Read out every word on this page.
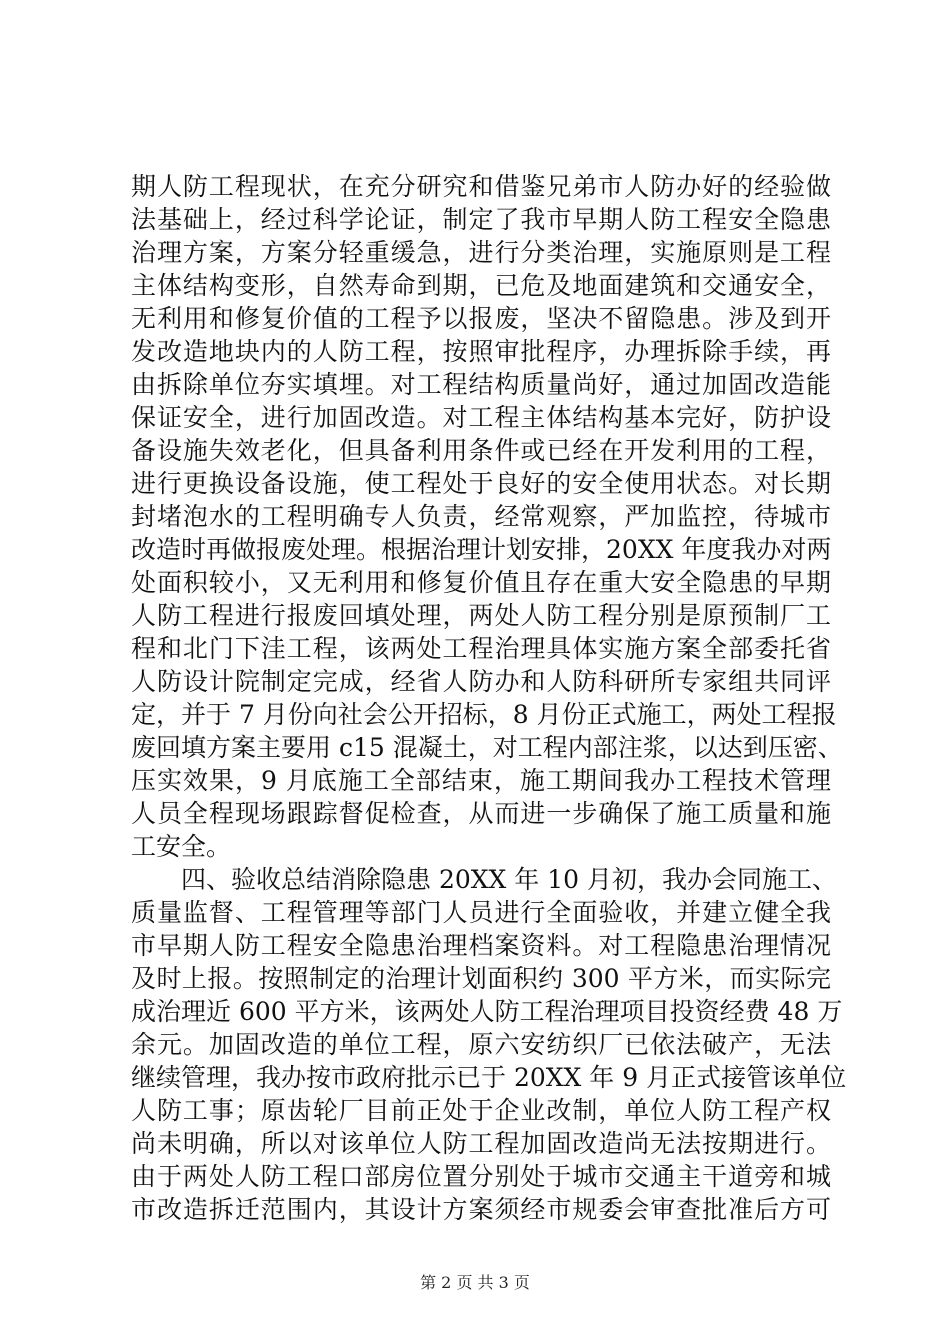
期人防工程现状，在充分研究和借鉴兄弟市人防办好的经验做
法基础上，经过科学论证，制定了我市早期人防工程安全隐患
治理方案，方案分轻重缓急，进行分类治理，实施原则是工程
主体结构变形，自然寿命到期，已危及地面建筑和交通安全，
无利用和修复价值的工程予以报废，坚决不留隐患。涉及到开
发改造地块内的人防工程，按照审批程序，办理拆除手续，再
由拆除单位夯实填埋。对工程结构质量尚好，通过加固改造能
保证安全，进行加固改造。对工程主体结构基本完好，防护设
备设施失效老化，但具备利用条件或已经在开发利用的工程，
进行更换设备设施，使工程处于良好的安全使用状态。对长期
封堵泡水的工程明确专人负责，经常观察，严加监控，待城市
改造时再做报废处理。根据治理计划安排，20XX 年度我办对两
处面积较小，又无利用和修复价值且存在重大安全隐患的早期
人防工程进行报废回填处理，两处人防工程分别是原预制厂工
程和北门下洼工程，该两处工程治理具体实施方案全部委托省
人防设计院制定完成，经省人防办和人防科研所专家组共同评
定，并于 7 月份向社会公开招标，8 月份正式施工，两处工程报
废回填方案主要用 c15 混凝土，对工程内部注浆，以达到压密、
压实效果，9 月底施工全部结束，施工期间我办工程技术管理
人员全程现场跟踪督促检查，从而进一步确保了施工质量和施
工安全。
　　四、验收总结消除隐患 20XX 年 10 月初，我办会同施工、
质量监督、工程管理等部门人员进行全面验收，并建立健全我
市早期人防工程安全隐患治理档案资料。对工程隐患治理情况
及时上报。按照制定的治理计划面积约 300 平方米，而实际完
成治理近 600 平方米，该两处人防工程治理项目投资经费 48 万
余元。加固改造的单位工程，原六安纺织厂已依法破产，无法
继续管理，我办按市政府批示已于 20XX 年 9 月正式接管该单位
人防工事；原齿轮厂目前正处于企业改制，单位人防工程产权
尚未明确，所以对该单位人防工程加固改造尚无法按期进行。
由于两处人防工程口部房位置分别处于城市交通主干道旁和城
市改造拆迁范围内，其设计方案须经市规委会审查批准后方可
第 2 页 共 3 页
